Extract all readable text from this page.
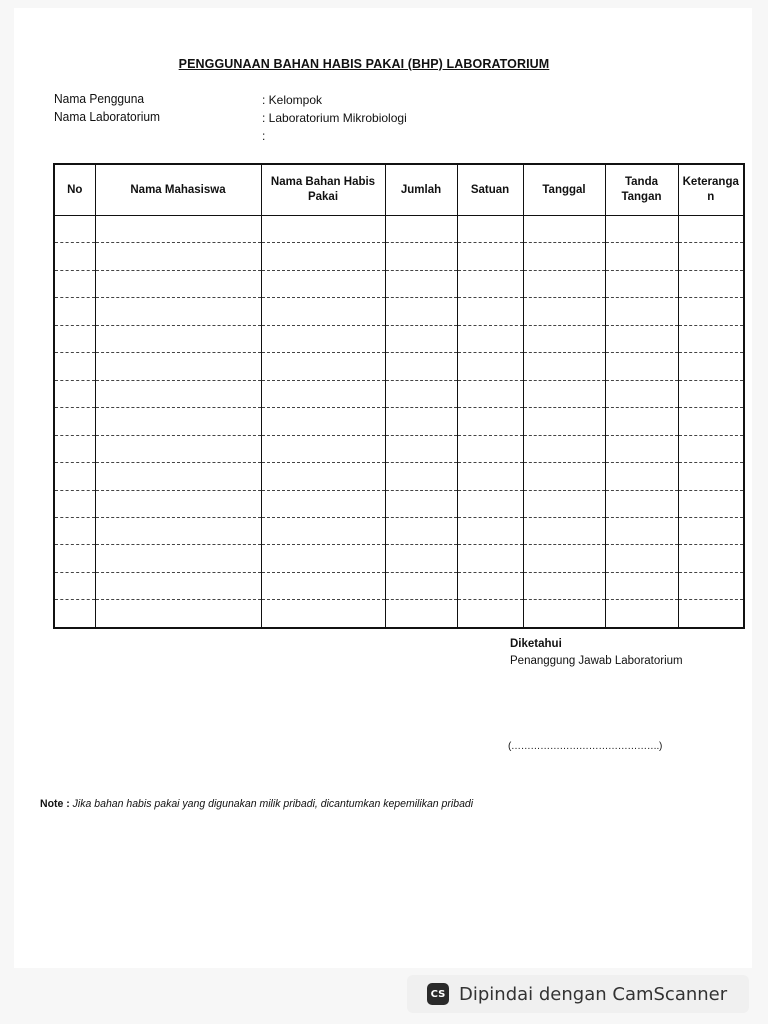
PENGGUNAAN BAHAN HABIS PAKAI (BHP) LABORATORIUM
Nama Pengguna	: Kelompok
Nama Laboratorium	: Laboratorium Mikrobiologi
:
No	Nama Mahasiswa	Nama Bahan Habis Pakai	Jumlah	Satuan	Tanggal	Tanda Tangan	Keterangan

Diketahui
Penanggung Jawab Laboratorium
(……………………………………….)
Note : Jika bahan habis pakai yang digunakan milik pribadi, dicantumkan kepemilikan pribadi
CS Dipindai dengan CamScanner
